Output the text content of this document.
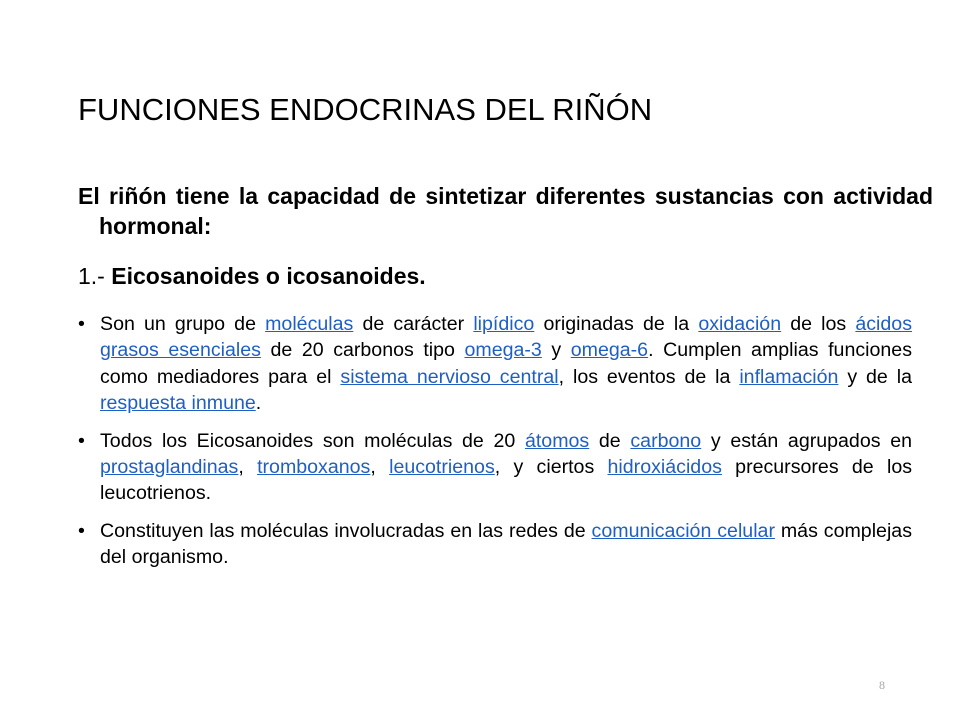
FUNCIONES ENDOCRINAS DEL RIÑÓN

El riñón tiene la capacidad de sintetizar diferentes sustancias con actividad hormonal:

1.- Eicosanoides o icosanoides.
• Son un grupo de moléculas de carácter lipídico originadas de la oxidación de los ácidos grasos esenciales de 20 carbonos tipo omega-3 y omega-6. Cumplen amplias funciones como mediadores para el sistema nervioso central, los eventos de la inflamación y de la respuesta inmune.
• Todos los Eicosanoides son moléculas de 20 átomos de carbono y están agrupados en prostaglandinas, tromboxanos, leucotrienos, y ciertos hidroxiácidos precursores de los leucotrienos.
• Constituyen las moléculas involucradas en las redes de comunicación celular más complejas del organismo.
8
